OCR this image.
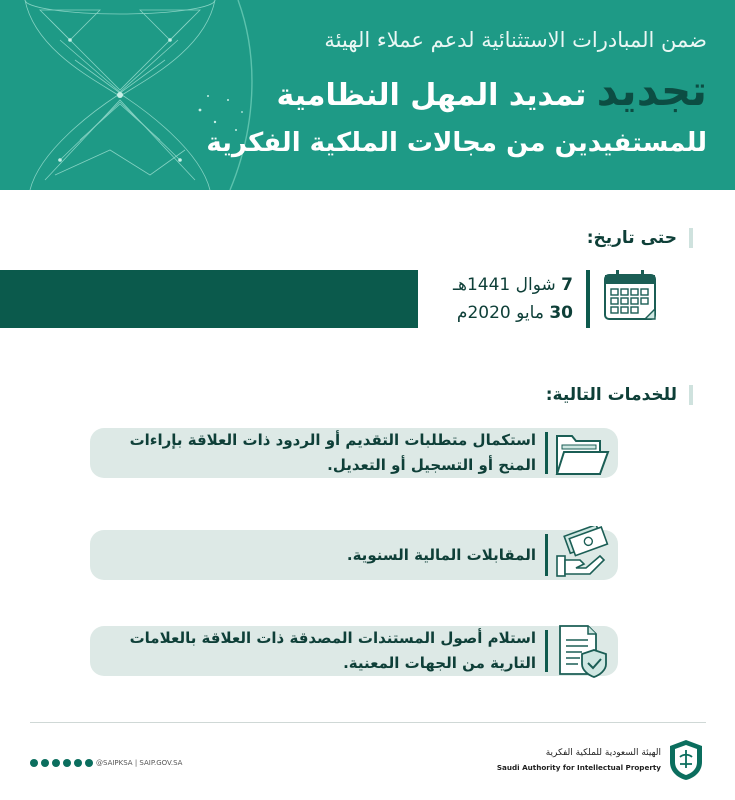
ضمن المبادرات الاستثنائية لدعم عملاء الهيئة
تجديد تمديد المهل النظامية
للمستفيدين من مجالات الملكية الفكرية
حتى تاريخ:
7 شوال 1441هـ
30 مايو 2020م
للخدمات التالية:
استكمال متطلبات التقديم أو الردود ذات العلاقة بإراءات
المنح أو التسجيل أو التعديل.
المقابلات المالية السنوية.
استلام أصول المستندات المصدقة ذات العلاقة بالعلامات
التارية من الجهات المعنية.
@SAIPKSA | SAIP.GOV.SA
الهيئة السعودية للملكية الفكرية
Saudi Authority for Intellectual Property
